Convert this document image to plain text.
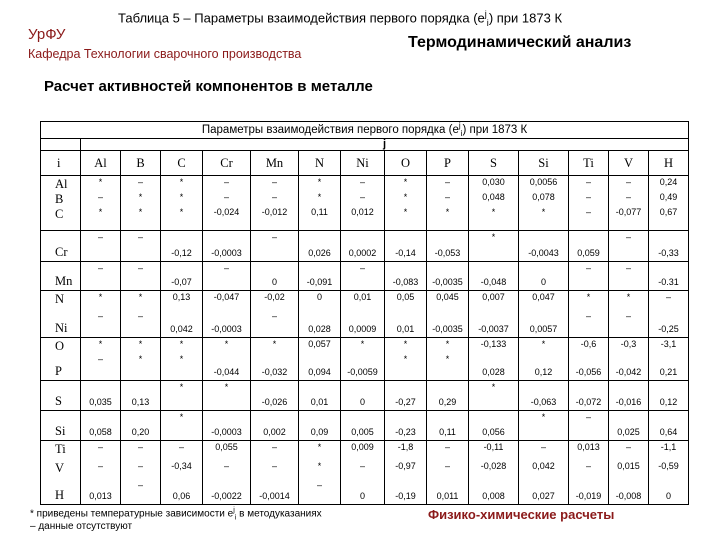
Таблица 5 – Параметры взаимодействия первого порядка $(e^j_i)$ при 1873 К
УрФУ
Кафедра Технологии сварочного производства
Термодинамический анализ
Расчет активностей компонентов в металле
Параметры взаимодействия первого порядка $(e^j_i)$ при 1873 К														
	j													
i	Al	B	C	Cr	Mn	N	Ni	O	P	S	Si	Ti	V	H
Al	*	–	*	–	–	*	–	*	–	0,030	0,0056	–	–	0,24
B	–	*	*	–	–	*	–	*	–	0,048	0,078	–	–	0,49
C	*	*	*	-0,024	-0,012	0,11	0,012	*	*	*	*	–	-0,077	0,67
Cr	–	–	-0,12	-0,0003	–	0,026	0,0002	-0,14	-0,053	*	-0,0043	0,059	–	-0,33
Mn	–	–	-0,07	–	0	-0,091	–	-0,083	-0,0035	-0,048	0	–	–	-0.31
N	*	*	0,13	-0,047	-0,02	0	0,01	0,05	0,045	0,007	0,047	*	*	–
Ni	–	–	0,042	-0,0003	–	0,028	0,0009	0,01	-0,0035	-0,0037	0,0057	–	–	-0,25
O	*	*	*	*	*	0,057	*	*	*	-0,133	*	-0,6	-0,3	-3,1
P	–	*	*	-0,044	-0,032	0,094	-0,0059	*	*	0,028	0,12	-0,056	-0,042	0,21
S	0,035	0,13	*	*	-0,026	0,01	0	-0,27	0,29	*	-0,063	-0,072	-0,016	0,12
Si	0,058	0,20	*	-0,0003	0,002	0,09	0,005	-0,23	0,11	0,056	*	–	0,025	0,64
Ti	–	–	–	0,055	–	*	0,009	-1,8	–	-0,11	–	0,013	–	-1,1
V	–	–	-0,34	–	–	*	–	-0,97	–	-0,028	0,042	–	0,015	-0,59
H	0,013	–	0,06	-0,0022	-0,0014	–	0	-0,19	0,011	0,008	0,027	-0,019	-0,008	0
* приведены температурные зависимости $e^j_i$ в методуказаниях
– данные отсутствуют
Физико-химические расчеты
